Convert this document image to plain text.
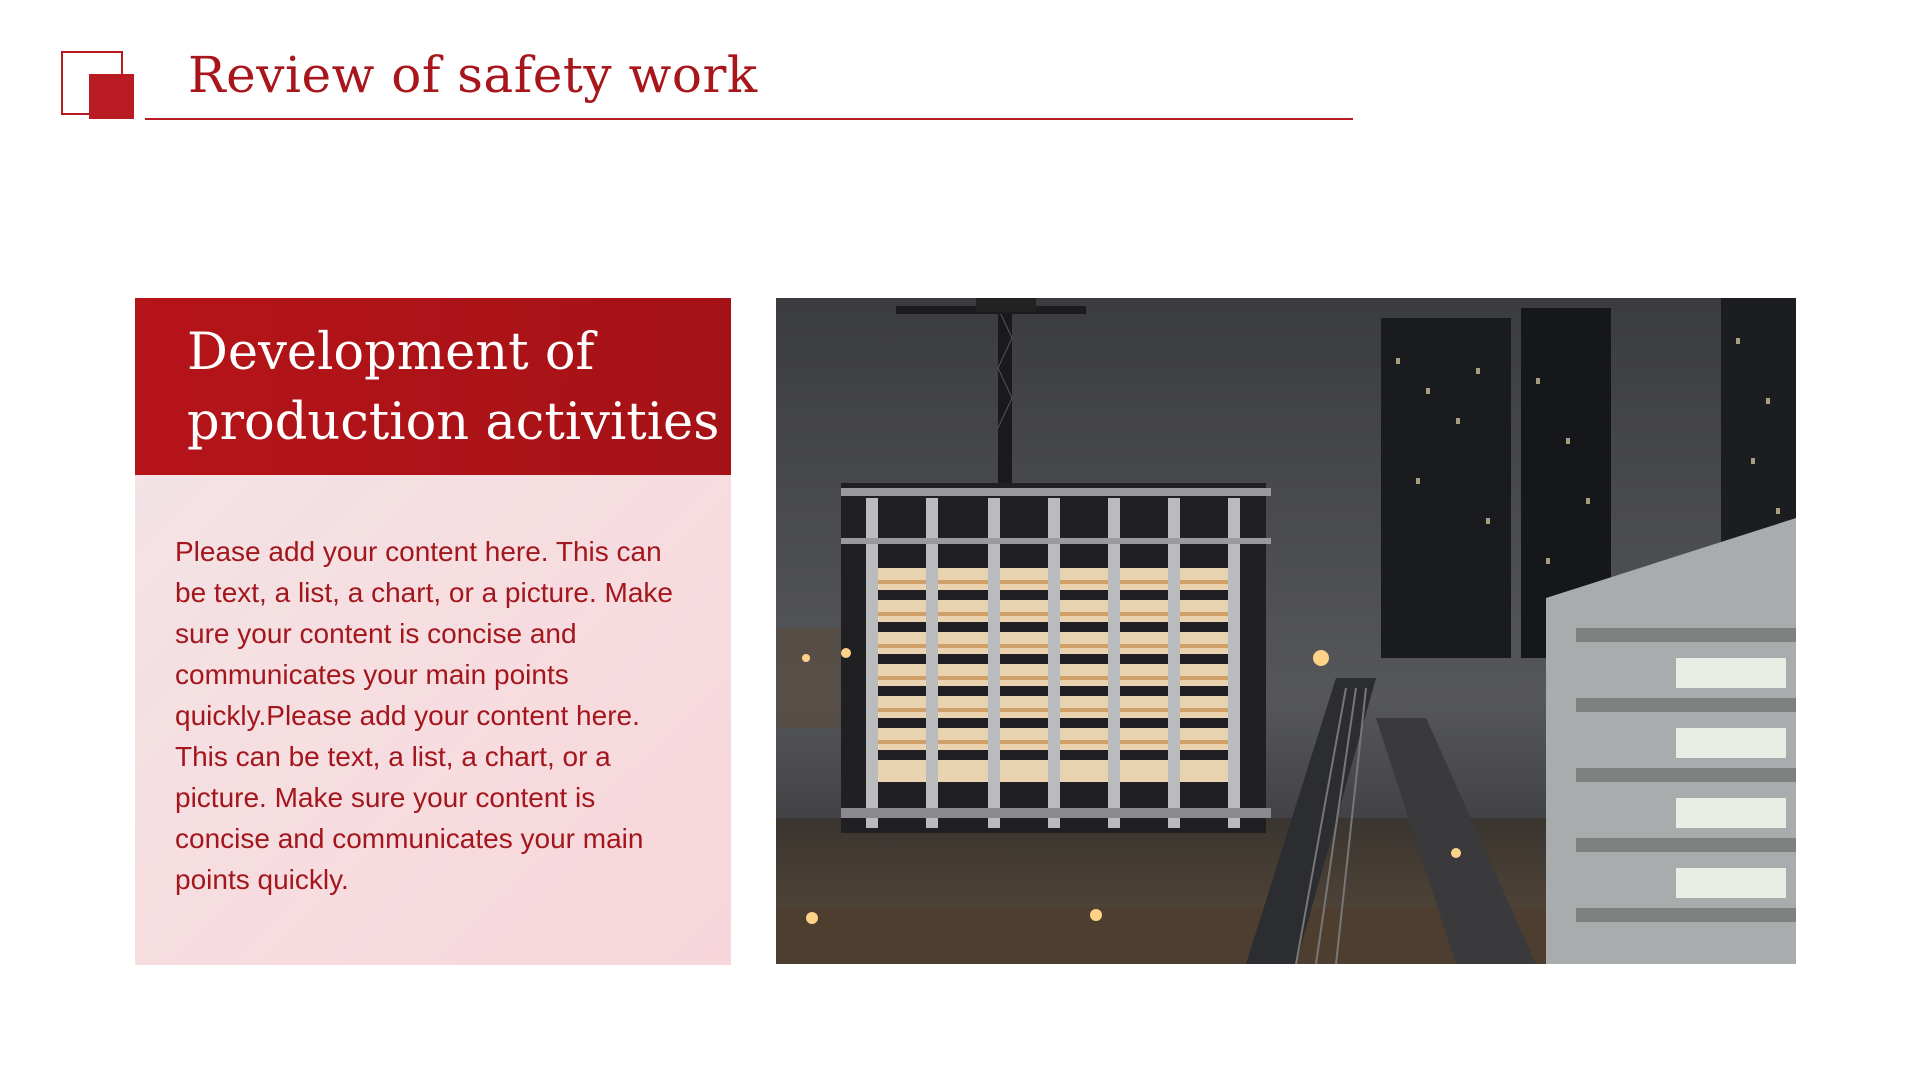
Review of safety work
Development of
production activities

Please add your content here. This can be text, a list, a chart, or a picture. Make sure your content is concise and communicates your main points quickly.Please add your content here. This can be text, a list, a chart, or a picture. Make sure your content is concise and communicates your main points quickly.
